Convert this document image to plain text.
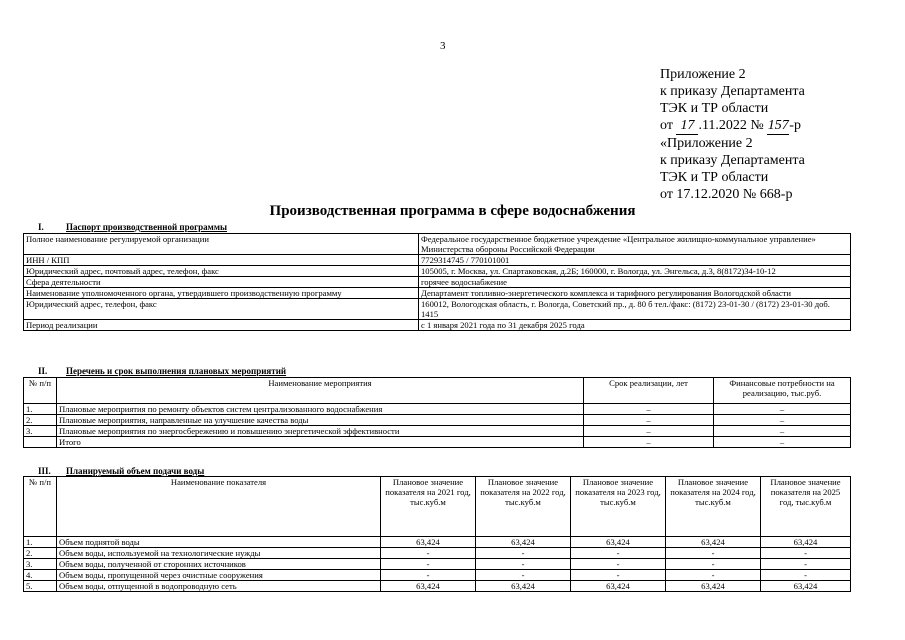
3
Приложение 2
к приказу Департамента
ТЭК и ТР области
от 17 .11.2022 № 157-р
«Приложение 2
к приказу Департамента
ТЭК и ТР области
от 17.12.2020 № 668-р
Производственная программа в сфере водоснабжения
I. Паспорт производственной программы
Полное наименование регулируемой организации	Федеральное государственное бюджетное учреждение «Центральное жилищно-коммунальное управление» Министерства обороны Российской Федерации
ИНН / КПП	7729314745 / 770101001
Юридический адрес, почтовый адрес, телефон, факс	105005, г. Москва, ул. Спартаковская, д.2Б; 160000, г. Вологда, ул. Энгельса, д.3, 8(8172)34-10-12
Сфера деятельности	горячее водоснабжение
Наименование уполномоченного органа, утвердившего производственную программу	Департамент топливно-энергетического комплекса и тарифного регулирования Вологодской области
Юридический адрес, телефон, факс	160012, Вологодская область, г. Вологда, Советский пр., д. 80 б тел./факс: (8172) 23-01-30 / (8172) 23-01-30 доб. 1415
Период реализации	с 1 января 2021 года по 31 декабря 2025 года
II. Перечень и срок выполнения плановых мероприятий
№ п/п	Наименование мероприятия	Срок реализации, лет	Финансовые потребности на реализацию, тыс.руб.
1.	Плановые мероприятия по ремонту объектов систем централизованного водоснабжения	–	–
2.	Плановые мероприятия, направленные на улучшение качества воды	–	–
3.	Плановые мероприятия по энергосбережению и повышению энергетической эффективности	–	–
	Итого	–	–
III. Планируемый объем подачи воды
№ п/п	Наименование показателя	Плановое значение показателя на 2021 год, тыс.куб.м	Плановое значение показателя на 2022 год, тыс.куб.м	Плановое значение показателя на 2023 год, тыс.куб.м	Плановое значение показателя на 2024 год, тыс.куб.м	Плановое значение показателя на 2025 год, тыс.куб.м
1.	Объем поднятой воды	63,424	63,424	63,424	63,424	63,424
2.	Объем воды, используемой на технологические нужды	-	-	-	-	-
3.	Объем воды, полученной от сторонних источников	-	-	-	-	-
4.	Объем воды, пропущенной через очистные сооружения	-	-	-	-	-
5.	Объем воды, отпущенной в водопроводную сеть	63,424	63,424	63,424	63,424	63,424
